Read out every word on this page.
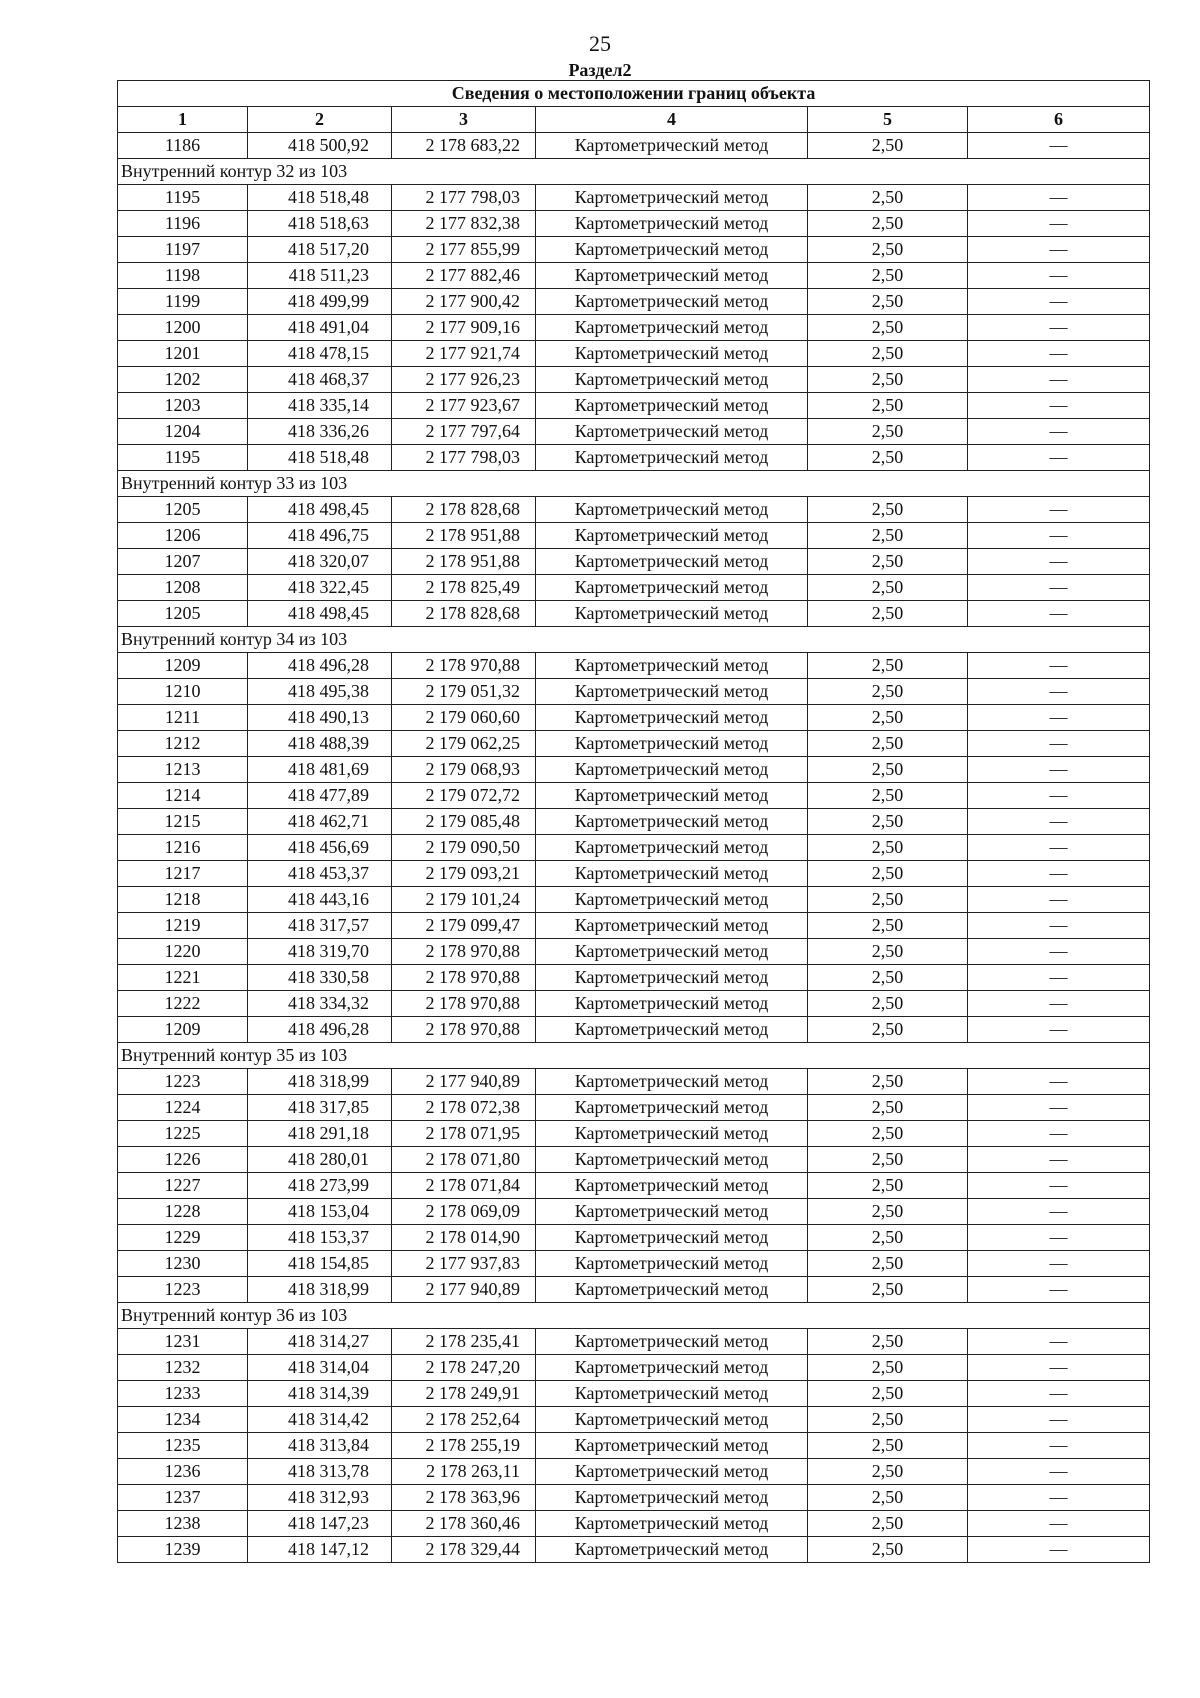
25
Раздел2
Сведения о местоположении границ объекта					
1	2	3	4	5	6
1186	418 500,92	2 178 683,22	Картометрический метод	2,50	—
Внутренний контур 32 из 103					
1195	418 518,48	2 177 798,03	Картометрический метод	2,50	—
1196	418 518,63	2 177 832,38	Картометрический метод	2,50	—
1197	418 517,20	2 177 855,99	Картометрический метод	2,50	—
1198	418 511,23	2 177 882,46	Картометрический метод	2,50	—
1199	418 499,99	2 177 900,42	Картометрический метод	2,50	—
1200	418 491,04	2 177 909,16	Картометрический метод	2,50	—
1201	418 478,15	2 177 921,74	Картометрический метод	2,50	—
1202	418 468,37	2 177 926,23	Картометрический метод	2,50	—
1203	418 335,14	2 177 923,67	Картометрический метод	2,50	—
1204	418 336,26	2 177 797,64	Картометрический метод	2,50	—
1195	418 518,48	2 177 798,03	Картометрический метод	2,50	—
Внутренний контур 33 из 103					
1205	418 498,45	2 178 828,68	Картометрический метод	2,50	—
1206	418 496,75	2 178 951,88	Картометрический метод	2,50	—
1207	418 320,07	2 178 951,88	Картометрический метод	2,50	—
1208	418 322,45	2 178 825,49	Картометрический метод	2,50	—
1205	418 498,45	2 178 828,68	Картометрический метод	2,50	—
Внутренний контур 34 из 103					
1209	418 496,28	2 178 970,88	Картометрический метод	2,50	—
1210	418 495,38	2 179 051,32	Картометрический метод	2,50	—
1211	418 490,13	2 179 060,60	Картометрический метод	2,50	—
1212	418 488,39	2 179 062,25	Картометрический метод	2,50	—
1213	418 481,69	2 179 068,93	Картометрический метод	2,50	—
1214	418 477,89	2 179 072,72	Картометрический метод	2,50	—
1215	418 462,71	2 179 085,48	Картометрический метод	2,50	—
1216	418 456,69	2 179 090,50	Картометрический метод	2,50	—
1217	418 453,37	2 179 093,21	Картометрический метод	2,50	—
1218	418 443,16	2 179 101,24	Картометрический метод	2,50	—
1219	418 317,57	2 179 099,47	Картометрический метод	2,50	—
1220	418 319,70	2 178 970,88	Картометрический метод	2,50	—
1221	418 330,58	2 178 970,88	Картометрический метод	2,50	—
1222	418 334,32	2 178 970,88	Картометрический метод	2,50	—
1209	418 496,28	2 178 970,88	Картометрический метод	2,50	—
Внутренний контур 35 из 103					
1223	418 318,99	2 177 940,89	Картометрический метод	2,50	—
1224	418 317,85	2 178 072,38	Картометрический метод	2,50	—
1225	418 291,18	2 178 071,95	Картометрический метод	2,50	—
1226	418 280,01	2 178 071,80	Картометрический метод	2,50	—
1227	418 273,99	2 178 071,84	Картометрический метод	2,50	—
1228	418 153,04	2 178 069,09	Картометрический метод	2,50	—
1229	418 153,37	2 178 014,90	Картометрический метод	2,50	—
1230	418 154,85	2 177 937,83	Картометрический метод	2,50	—
1223	418 318,99	2 177 940,89	Картометрический метод	2,50	—
Внутренний контур 36 из 103					
1231	418 314,27	2 178 235,41	Картометрический метод	2,50	—
1232	418 314,04	2 178 247,20	Картометрический метод	2,50	—
1233	418 314,39	2 178 249,91	Картометрический метод	2,50	—
1234	418 314,42	2 178 252,64	Картометрический метод	2,50	—
1235	418 313,84	2 178 255,19	Картометрический метод	2,50	—
1236	418 313,78	2 178 263,11	Картометрический метод	2,50	—
1237	418 312,93	2 178 363,96	Картометрический метод	2,50	—
1238	418 147,23	2 178 360,46	Картометрический метод	2,50	—
1239	418 147,12	2 178 329,44	Картометрический метод	2,50	—
